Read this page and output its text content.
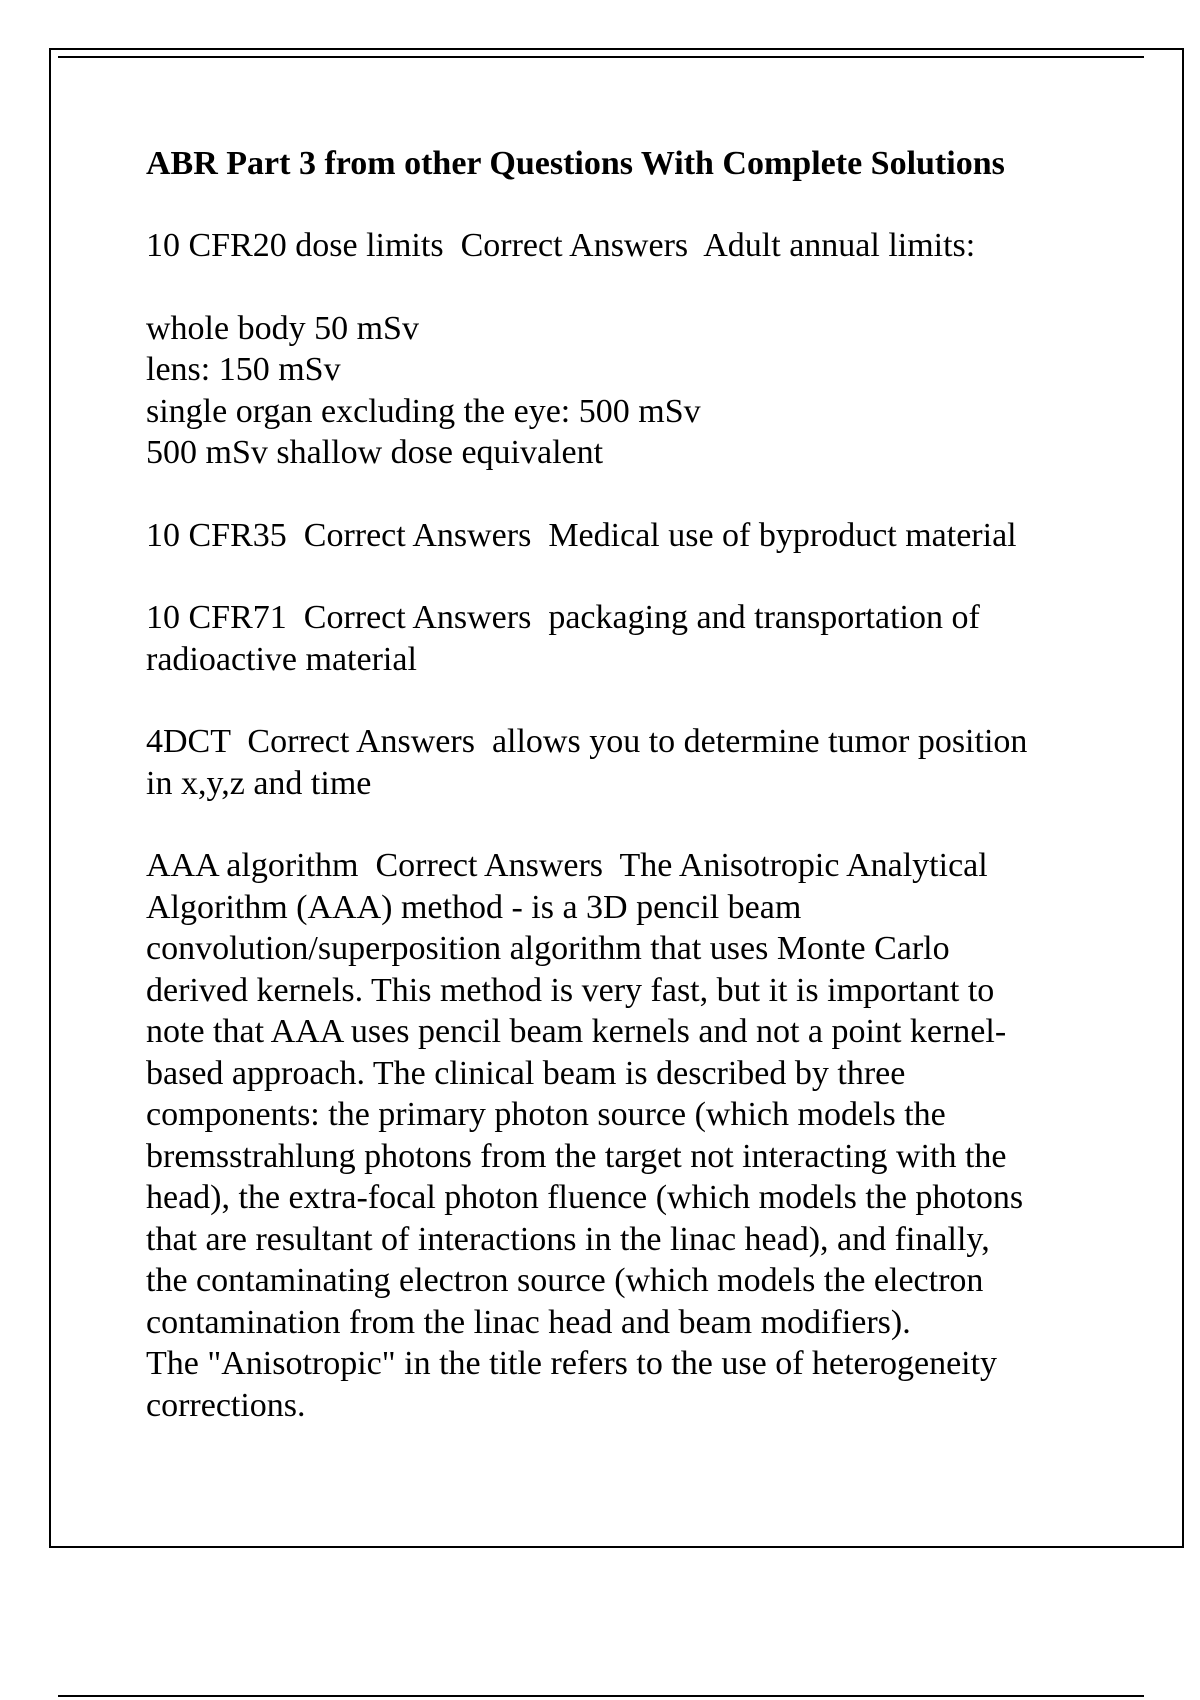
ABR Part 3 from other Questions With Complete Solutions
10 CFR20 dose limits Correct Answers Adult annual limits:

whole body 50 mSv
lens: 150 mSv
single organ excluding the eye: 500 mSv
500 mSv shallow dose equivalent
10 CFR35 Correct Answers Medical use of byproduct material
10 CFR71 Correct Answers packaging and transportation of
radioactive material
4DCT Correct Answers allows you to determine tumor position
in x,y,z and time
AAA algorithm Correct Answers The Anisotropic Analytical
Algorithm (AAA) method - is a 3D pencil beam
convolution/superposition algorithm that uses Monte Carlo
derived kernels. This method is very fast, but it is important to
note that AAA uses pencil beam kernels and not a point kernel-
based approach. The clinical beam is described by three
components: the primary photon source (which models the
bremsstrahlung photons from the target not interacting with the
head), the extra-focal photon fluence (which models the photons
that are resultant of interactions in the linac head), and finally,
the contaminating electron source (which models the electron
contamination from the linac head and beam modifiers).
The "Anisotropic" in the title refers to the use of heterogeneity
corrections.
